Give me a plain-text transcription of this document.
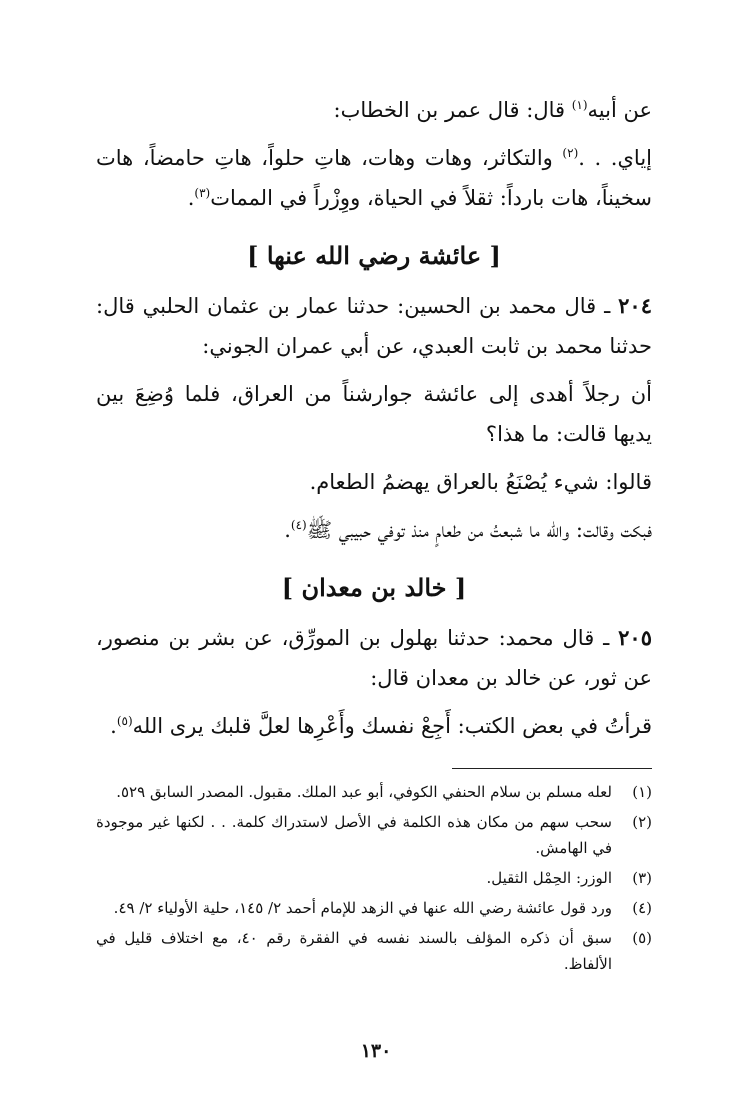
عن أبيه$^{(١)}$ قال: قال عمر بن الخطاب:

إياي. . .$^{(٢)}$ والتكاثر، وهات وهات، هاتِ حلواً، هاتِ حامضاً، هات سخيناً، هات بارداً: ثقلاً في الحياة، ووِزْراً في الممات$^{(٣)}$.

[ عائشة رضي الله عنها ]

٢٠٤ ـ قال محمد بن الحسين: حدثنا عمار بن عثمان الحلبي قال: حدثنا محمد بن ثابت العبدي، عن أبي عمران الجوني:

أن رجلاً أهدى إلى عائشة جوارشناً من العراق، فلما وُضِعَ بين يديها قالت: ما هذا؟

قالوا: شيء يُصْنَعُ بالعراق يهضمُ الطعام.

فبكت وقالت: والله ما شبعتُ من طعامٍ منذ توفي حبيبي ﷺ$^{(٤)}$.

[ خالد بن معدان ]

٢٠٥ ـ قال محمد: حدثنا بهلول بن المورِّق، عن بشر بن منصور، عن ثور، عن خالد بن معدان قال:

قرأتُ في بعض الكتب: أَجِعْ نفسك وأَعْرِها لعلَّ قلبك يرى الله$^{(٥)}$.

(١)
لعله مسلم بن سلام الحنفي الكوفي، أبو عبد الملك. مقبول. المصدر السابق ٥٢٩.
(٢)
سحب سهم من مكان هذه الكلمة في الأصل لاستدراك كلمة. . . لكنها غير موجودة في الهامش.
(٣)
الوزر: الحِمْل الثقيل.
(٤)
ورد قول عائشة رضي الله عنها في الزهد للإمام أحمد ٢/ ١٤٥، حلية الأولياء ٢/ ٤٩.
(٥)
سبق أن ذكره المؤلف بالسند نفسه في الفقرة رقم ٤٠، مع اختلاف قليل في الألفاظ.
١٣٠
